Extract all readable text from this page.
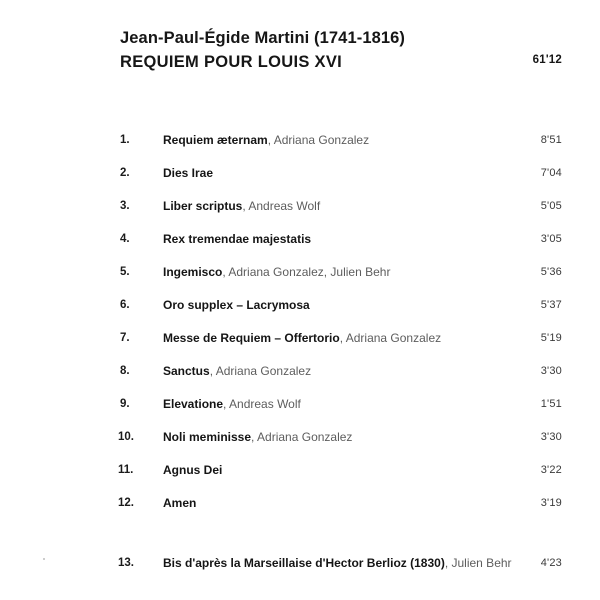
Jean-Paul-Égide Martini (1741-1816)
REQUIEM POUR LOUIS XVI	61'12
1.	Requiem æternam, Adriana Gonzalez	8'51
2.	Dies Irae	7'04
3.	Liber scriptus, Andreas Wolf	5'05
4.	Rex tremendae majestatis	3'05
5.	Ingemisco, Adriana Gonzalez, Julien Behr	5'36
6.	Oro supplex – Lacrymosa	5'37
7.	Messe de Requiem – Offertorio, Adriana Gonzalez	5'19
8.	Sanctus, Adriana Gonzalez	3'30
9.	Elevatione, Andreas Wolf	1'51
10.	Noli meminisse, Adriana Gonzalez	3'30
11.	Agnus Dei	3'22
12.	Amen	3'19
13.	Bis d'après la Marseillaise d'Hector Berlioz (1830), Julien Behr	4'23
